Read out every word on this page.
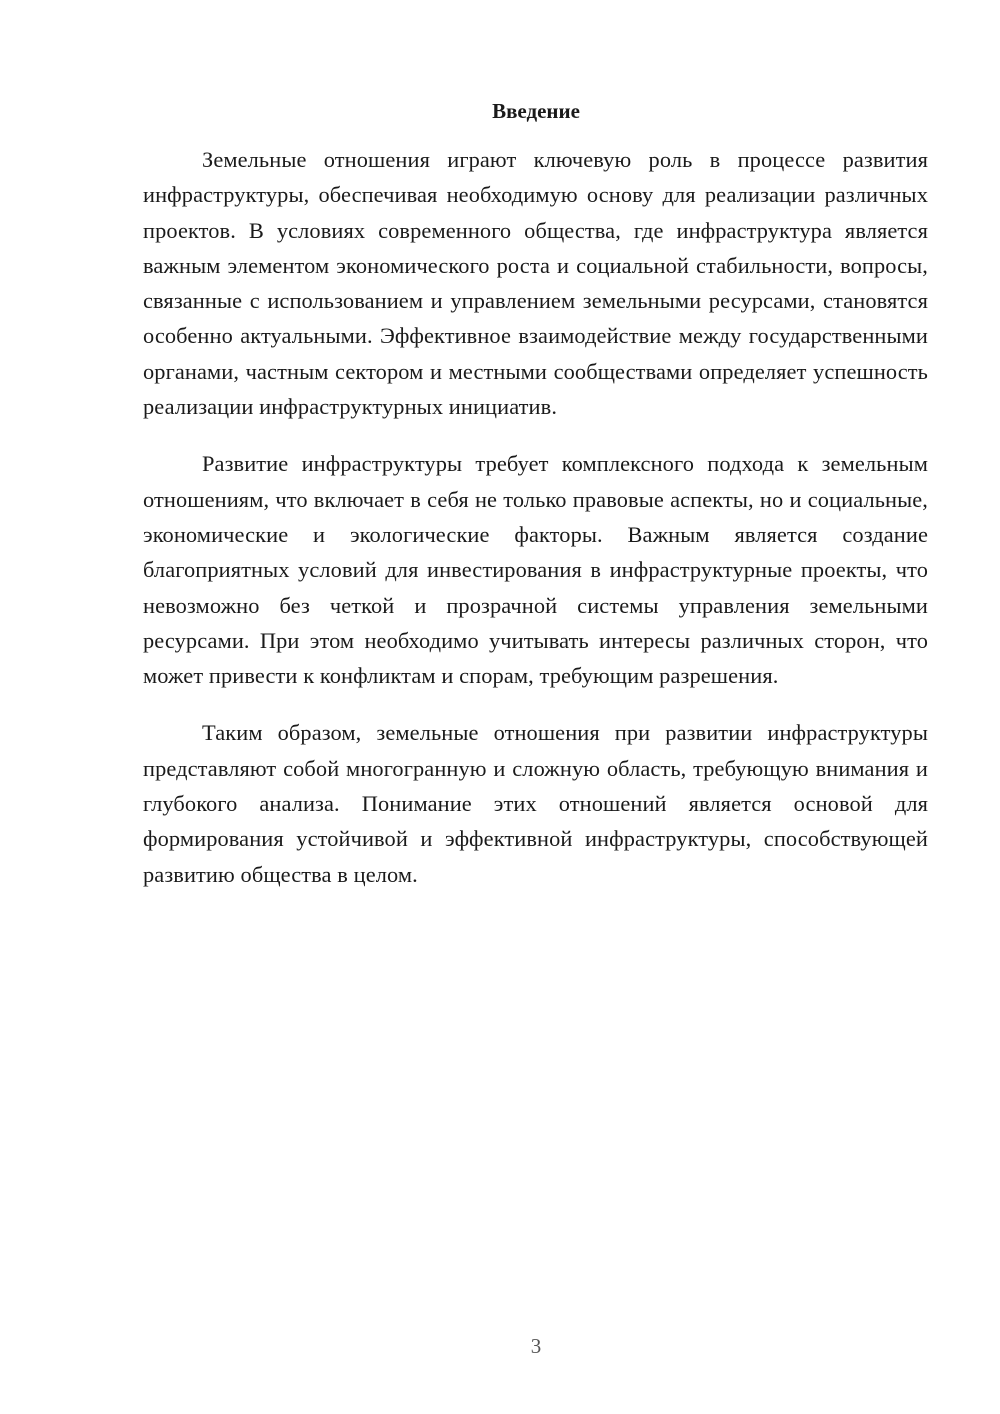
Введение

Земельные отношения играют ключевую роль в процессе развития инфраструктуры, обеспечивая необходимую основу для реализации различных проектов. В условиях современного общества, где инфраструктура является важным элементом экономического роста и социальной стабильности, вопросы, связанные с использованием и управлением земельными ресурсами, становятся особенно актуальными. Эффективное взаимодействие между государственными органами, частным сектором и местными сообществами определяет успешность реализации инфраструктурных инициатив.

Развитие инфраструктуры требует комплексного подхода к земельным отношениям, что включает в себя не только правовые аспекты, но и социальные, экономические и экологические факторы. Важным является создание благоприятных условий для инвестирования в инфраструктурные проекты, что невозможно без четкой и прозрачной системы управления земельными ресурсами. При этом необходимо учитывать интересы различных сторон, что может привести к конфликтам и спорам, требующим разрешения.

Таким образом, земельные отношения при развитии инфраструктуры представляют собой многогранную и сложную область, требующую внимания и глубокого анализа. Понимание этих отношений является основой для формирования устойчивой и эффективной инфраструктуры, способствующей развитию общества в целом.

3
